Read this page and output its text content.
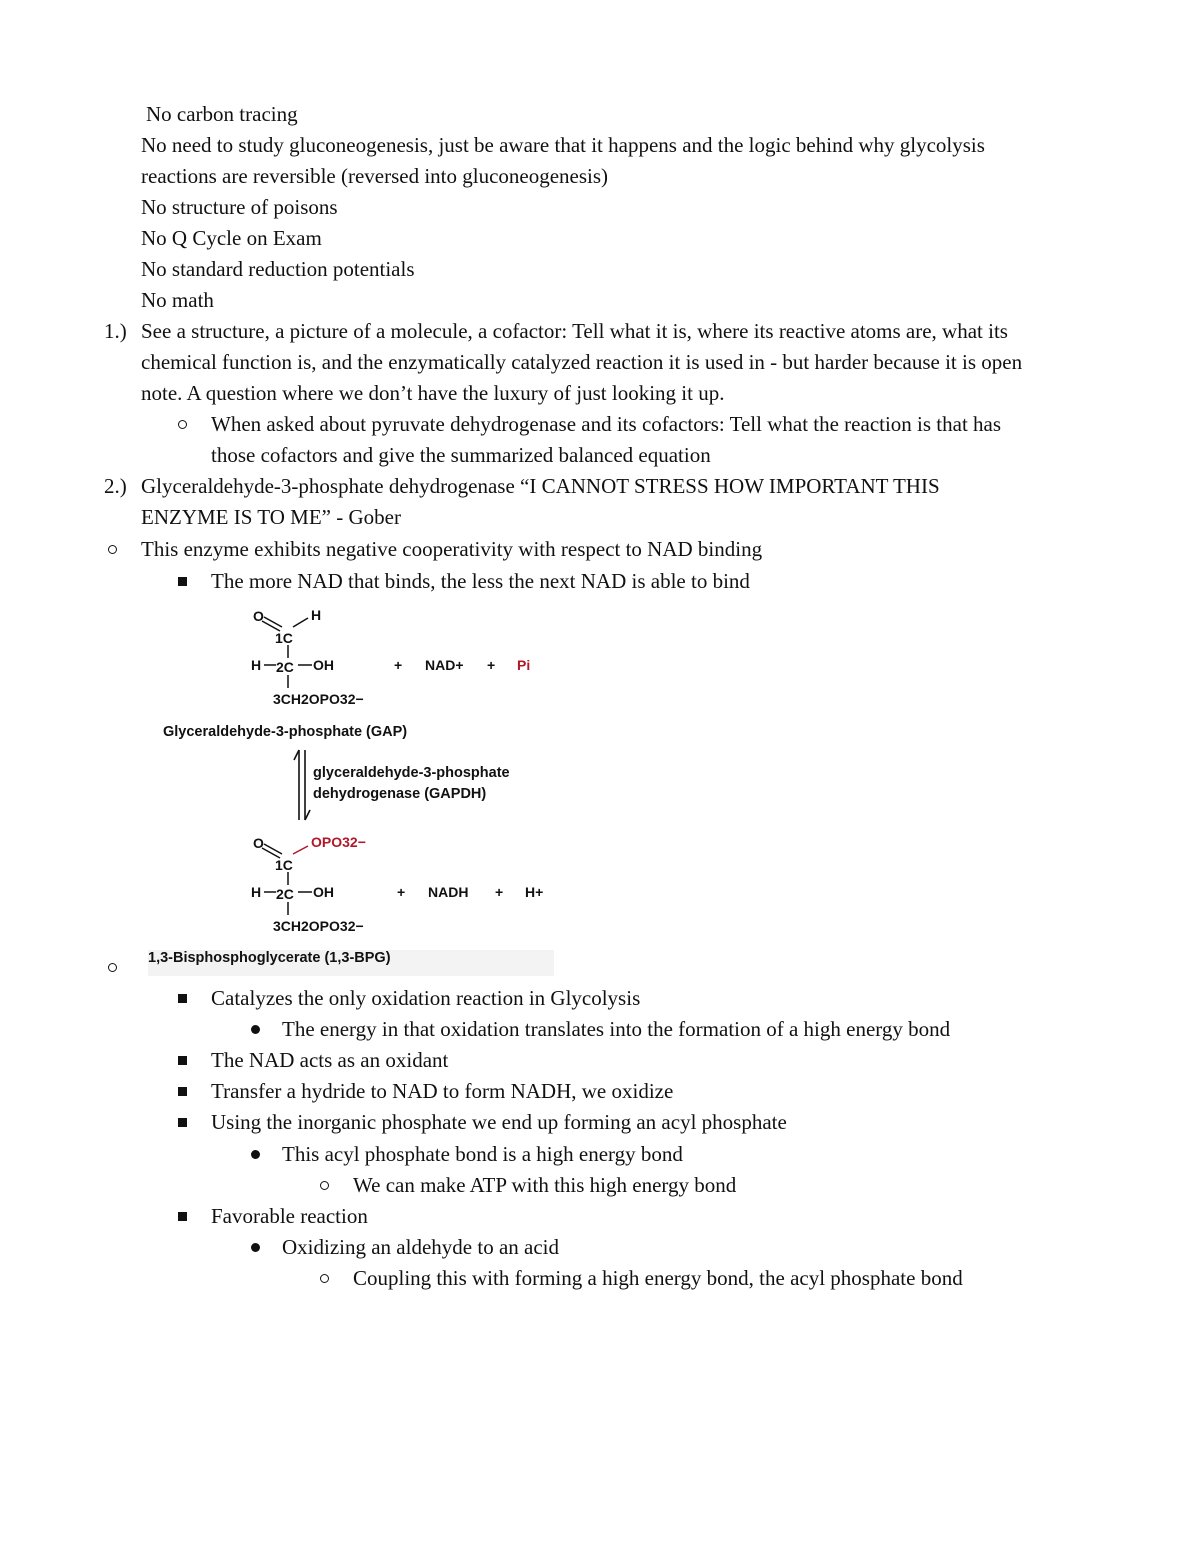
No carbon tracing
No need to study gluconeogenesis, just be aware that it happens and the logic behind why glycolysis
reactions are reversible (reversed into gluconeogenesis)
No structure of poisons
No Q Cycle on Exam
No standard reduction potentials
No math
1.) See a structure, a picture of a molecule, a cofactor: Tell what it is, where its reactive atoms are, what its
chemical function is, and the enzymatically catalyzed reaction it is used in - but harder because it is open
note. A question where we don’t have the luxury of just looking it up.
When asked about pyruvate dehydrogenase and its cofactors: Tell what the reaction is that has
those cofactors and give the summarized balanced equation
2.) Glyceraldehyde-3-phosphate dehydrogenase “I CANNOT STRESS HOW IMPORTANT THIS
ENZYME IS TO ME” - Gober
This enzyme exhibits negative cooperativity with respect to NAD binding
The more NAD that binds, the less the next NAD is able to bind
O	H
1C
H 2C OH
3CH2OPO32−
+ NAD+ + Pi
Glyceraldehyde-3-phosphate (GAP)
glyceraldehyde-3-phosphate
dehydrogenase (GAPDH)
O	OPO32−
1C
H 2C OH
3CH2OPO32−
+ NADH + H+
1,3-Bisphosphoglycerate (1,3-BPG)
Catalyzes the only oxidation reaction in Glycolysis
The energy in that oxidation translates into the formation of a high energy bond
The NAD acts as an oxidant
Transfer a hydride to NAD to form NADH, we oxidize
Using the inorganic phosphate we end up forming an acyl phosphate
This acyl phosphate bond is a high energy bond
We can make ATP with this high energy bond
Favorable reaction
Oxidizing an aldehyde to an acid
Coupling this with forming a high energy bond, the acyl phosphate bond
